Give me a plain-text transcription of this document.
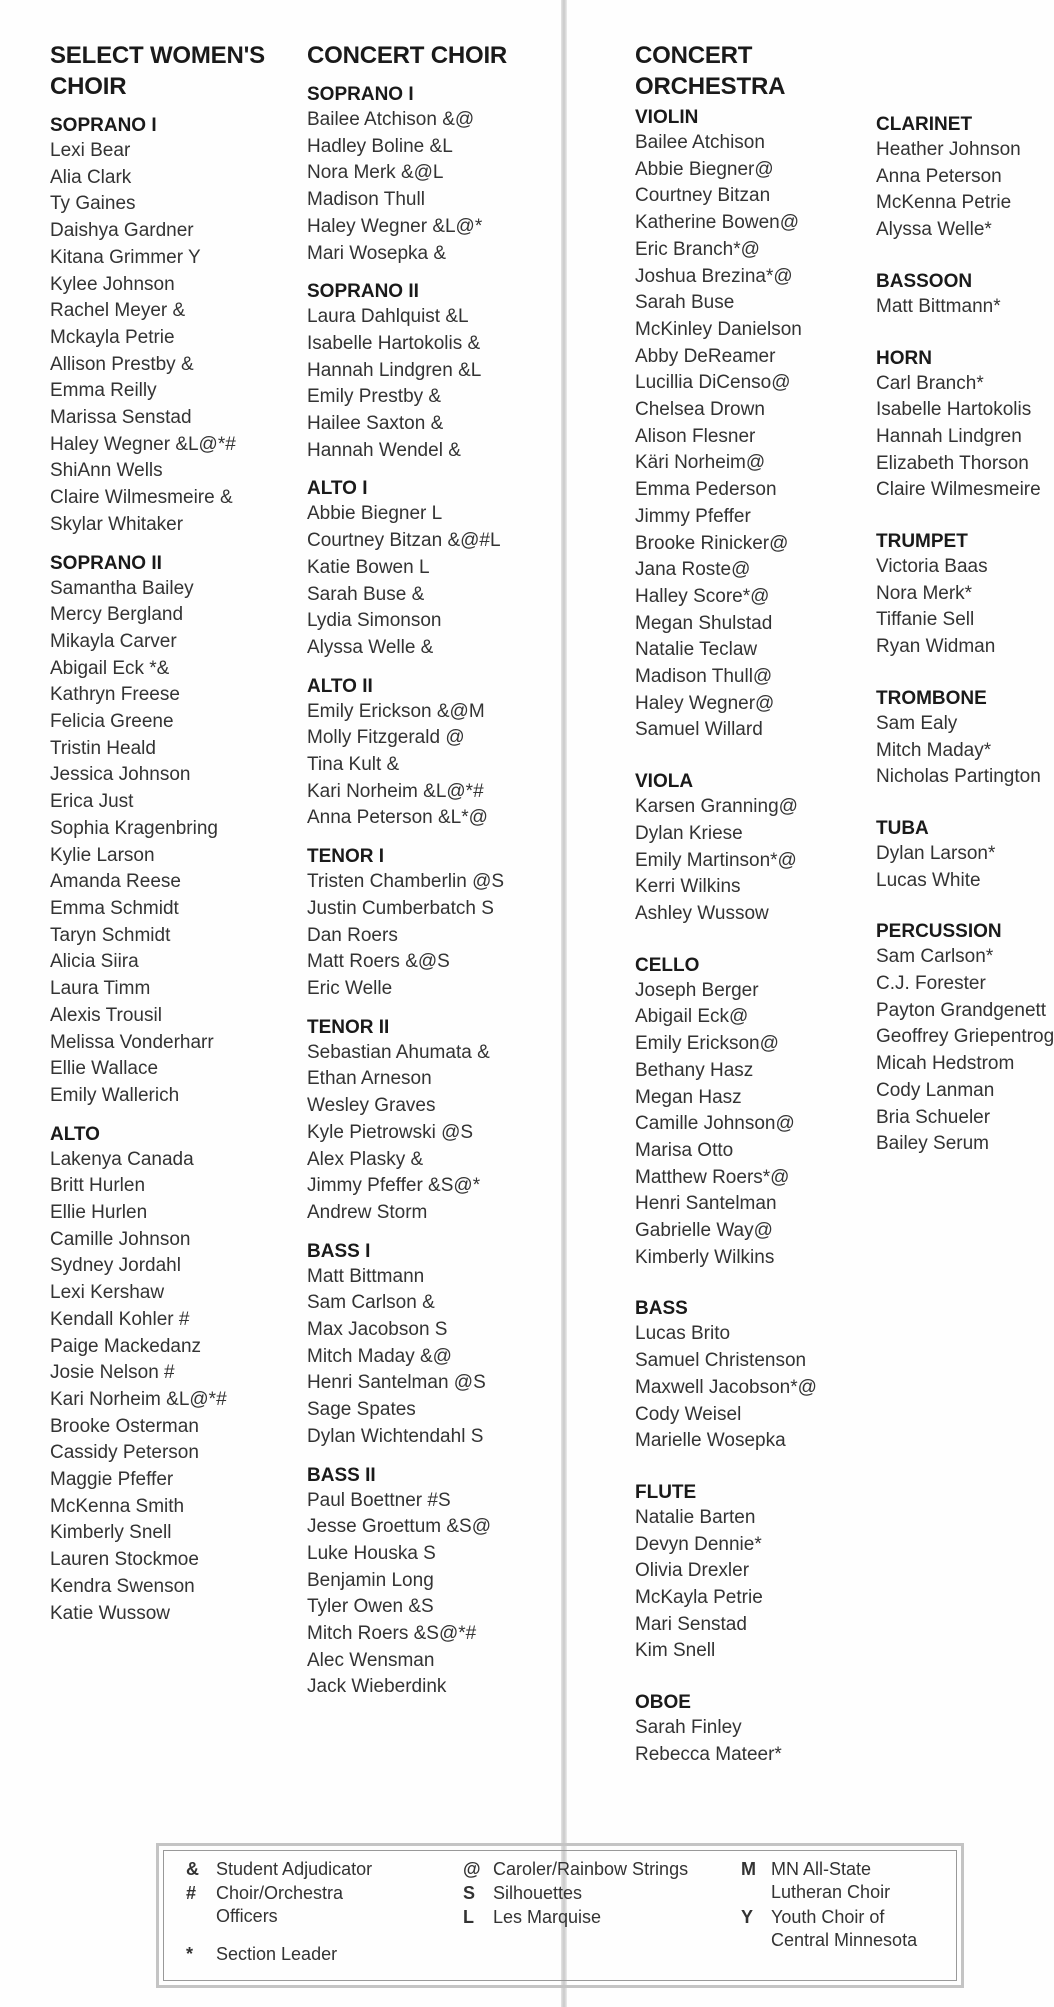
SELECT WOMEN'S CHOIR
SOPRANO I
Lexi Bear
Alia Clark
Ty Gaines
Daishya Gardner
Kitana Grimmer Y
Kylee Johnson
Rachel Meyer &
Mckayla Petrie
Allison Prestby &
Emma Reilly
Marissa Senstad
Haley Wegner &L@*#
ShiAnn Wells
Claire Wilmesmeire &
Skylar Whitaker
SOPRANO II
Samantha Bailey
Mercy Bergland
Mikayla Carver
Abigail Eck *&
Kathryn Freese
Felicia Greene
Tristin Heald
Jessica Johnson
Erica Just
Sophia Kragenbring
Kylie Larson
Amanda Reese
Emma Schmidt
Taryn Schmidt
Alicia Siira
Laura Timm
Alexis Trousil
Melissa Vonderharr
Ellie Wallace
Emily Wallerich
ALTO
Lakenya Canada
Britt Hurlen
Ellie Hurlen
Camille Johnson
Sydney Jordahl
Lexi Kershaw
Kendall Kohler #
Paige Mackedanz
Josie Nelson #
Kari Norheim &L@*#
Brooke Osterman
Cassidy Peterson
Maggie Pfeffer
McKenna Smith
Kimberly Snell
Lauren Stockmoe
Kendra Swenson
Katie Wussow
CONCERT CHOIR
SOPRANO I
Bailee Atchison &@
Hadley Boline &L
Nora Merk &@L
Madison Thull
Haley Wegner &L@*
Mari Wosepka &
SOPRANO II
Laura Dahlquist &L
Isabelle Hartokolis &
Hannah Lindgren &L
Emily Prestby &
Hailee Saxton &
Hannah Wendel &
ALTO I
Abbie Biegner L
Courtney Bitzan &@#L
Katie Bowen L
Sarah Buse &
Lydia Simonson
Alyssa Welle &
ALTO II
Emily Erickson &@M
Molly Fitzgerald @
Tina Kult &
Kari Norheim &L@*#
Anna Peterson &L*@
TENOR I
Tristen Chamberlin @S
Justin Cumberbatch S
Dan Roers
Matt Roers &@S
Eric Welle
TENOR II
Sebastian Ahumata &
Ethan Arneson
Wesley Graves
Kyle Pietrowski @S
Alex Plasky &
Jimmy Pfeffer &S@*
Andrew Storm
BASS I
Matt Bittmann
Sam Carlson &
Max Jacobson S
Mitch Maday &@
Henri Santelman @S
Sage Spates
Dylan Wichtendahl S
BASS II
Paul Boettner #S
Jesse Groettum &S@
Luke Houska S
Benjamin Long
Tyler Owen &S
Mitch Roers &S@*#
Alec Wensman
Jack Wieberdink
CONCERT ORCHESTRA
VIOLIN
Bailee Atchison
Abbie Biegner@
Courtney Bitzan
Katherine Bowen@
Eric Branch*@
Joshua Brezina*@
Sarah Buse
McKinley Danielson
Abby DeReamer
Lucillia DiCenso@
Chelsea Drown
Alison Flesner
Käri Norheim@
Emma Pederson
Jimmy Pfeffer
Brooke Rinicker@
Jana Roste@
Halley Score*@
Megan Shulstad
Natalie Teclaw
Madison Thull@
Haley Wegner@
Samuel Willard
VIOLA
Karsen Granning@
Dylan Kriese
Emily Martinson*@
Kerri Wilkins
Ashley Wussow
CELLO
Joseph Berger
Abigail Eck@
Emily Erickson@
Bethany Hasz
Megan Hasz
Camille Johnson@
Marisa Otto
Matthew Roers*@
Henri Santelman
Gabrielle Way@
Kimberly Wilkins
BASS
Lucas Brito
Samuel Christenson
Maxwell Jacobson*@
Cody Weisel
Marielle Wosepka
FLUTE
Natalie Barten
Devyn Dennie*
Olivia Drexler
McKayla Petrie
Mari Senstad
Kim Snell
OBOE
Sarah Finley
Rebecca Mateer*
CLARINET
Heather Johnson
Anna Peterson
McKenna Petrie
Alyssa Welle*
BASSOON
Matt Bittmann*
HORN
Carl Branch*
Isabelle Hartokolis
Hannah Lindgren
Elizabeth Thorson
Claire Wilmesmeire
TRUMPET
Victoria Baas
Nora Merk*
Tiffanie Sell
Ryan Widman
TROMBONE
Sam Ealy
Mitch Maday*
Nicholas Partington
TUBA
Dylan Larson*
Lucas White
PERCUSSION
Sam Carlson*
C.J. Forester
Payton Grandgenett
Geoffrey Griepentrog
Micah Hedstrom
Cody Lanman
Bria Schueler
Bailey Serum
& Student Adjudicator
#	Choir/Orchestra Officers
*	Section Leader
@ Caroler/Rainbow Strings
S Silhouettes
L	Les Marquise
M MN All-State Lutheran Choir
Y Youth Choir of Central Minnesota
